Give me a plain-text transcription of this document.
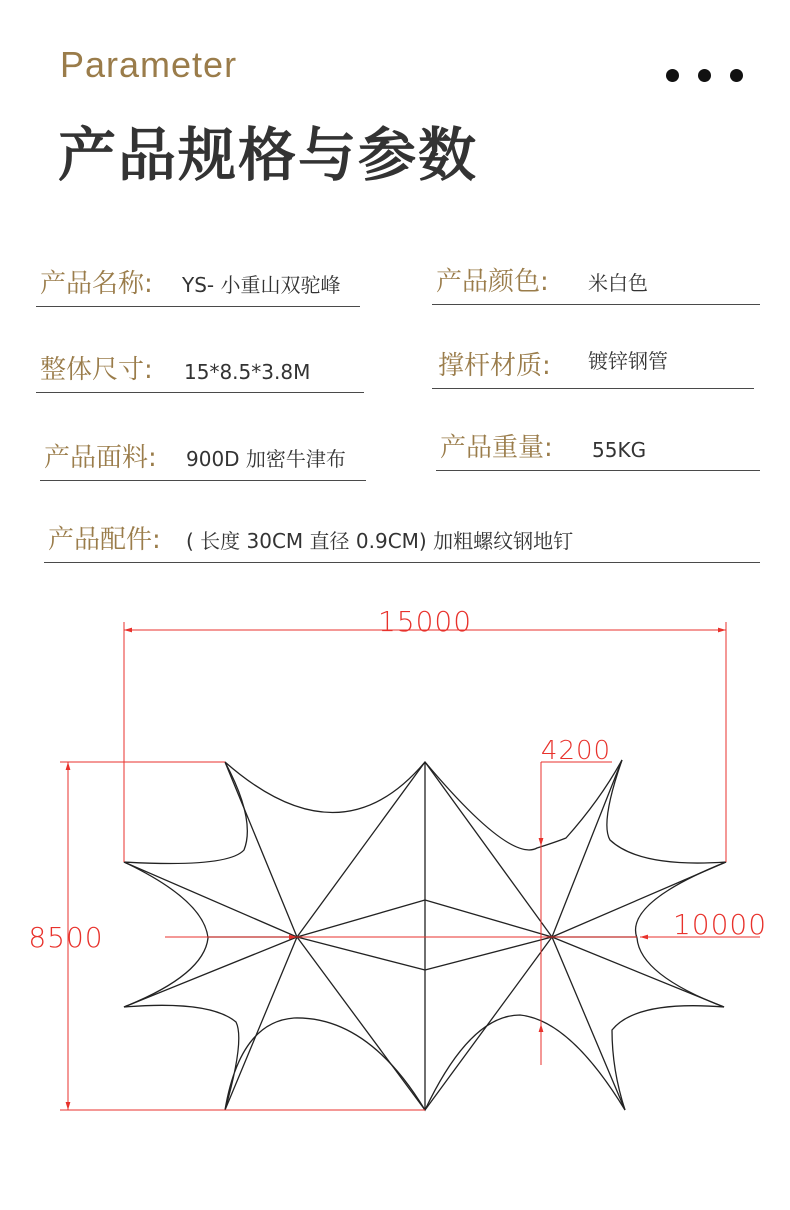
Parameter
产品规格与参数
产品名称: YS- 小重山双驼峰	产品颜色: 米白色
整体尺寸: 15*8.5*3.8M	撑杆材质: 镀锌钢管
产品面料: 900D 加密牛津布	产品重量: 55KG
产品配件: ( 长度 30CM 直径 0.9CM) 加粗螺纹钢地钉
15000
8500
4200
10000
